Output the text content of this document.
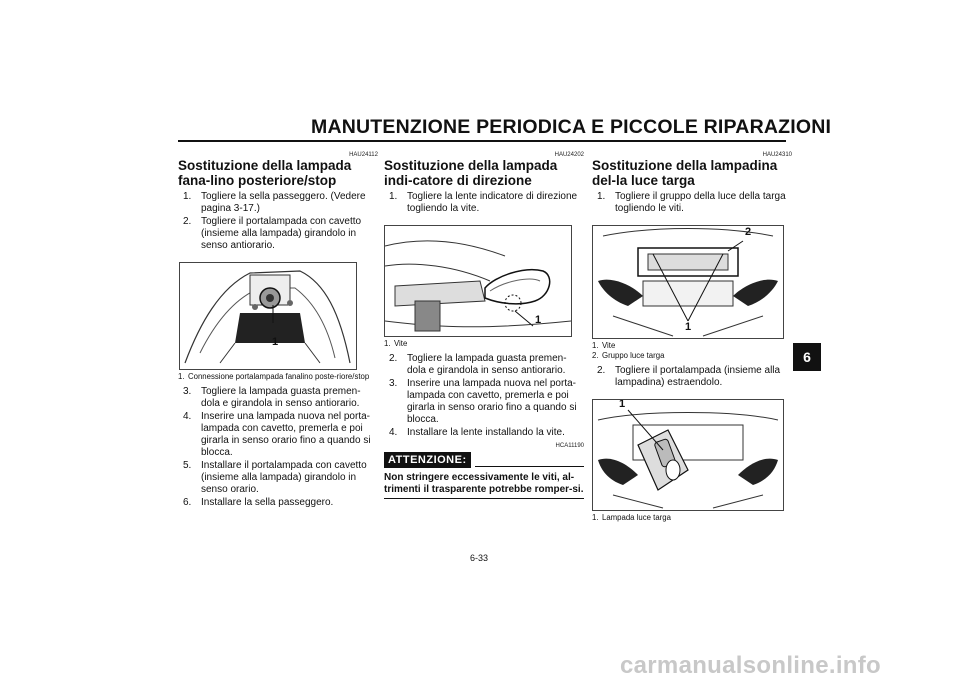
MANUTENZIONE PERIODICA E PICCOLE RIPARAZIONI
HAU24112
Sostituzione della lampada fana-lino posteriore/stop
1. Togliere la sella passeggero. (Vedere pagina 3-17.)
2. Togliere il portalampada con cavetto (insieme alla lampada) girandolo in senso antiorario.
1
1. Connessione portalampada fanalino poste-riore/stop
3. Togliere la lampada guasta premen-dola e girandola in senso antiorario.
4. Inserire una lampada nuova nel porta-lampada con cavetto, premerla e poi girarla in senso orario fino a quando si blocca.
5. Installare il portalampada con cavetto (insieme alla lampada) girandolo in senso orario.
6. Installare la sella passeggero.
HAU24202
Sostituzione della lampada indi-catore di direzione
1. Togliere la lente indicatore di direzione togliendo la vite.
1
1. Vite
2. Togliere la lampada guasta premen-dola e girandola in senso antiorario.
3. Inserire una lampada nuova nel porta-lampada con cavetto, premerla e poi girarla in senso orario fino a quando si blocca.
4. Installare la lente installando la vite.
HCA11190
ATTENZIONE:
Non stringere eccessivamente le viti, al-trimenti il trasparente potrebbe romper-si.
HAU24310
Sostituzione della lampadina del-la luce targa
1. Togliere il gruppo della luce della targa togliendo le viti.
2
1
1. Vite
2. Gruppo luce targa
2. Togliere il portalampada (insieme alla lampadina) estraendolo.
1
1. Lampada luce targa
6
6-33
carmanualsonline.info
